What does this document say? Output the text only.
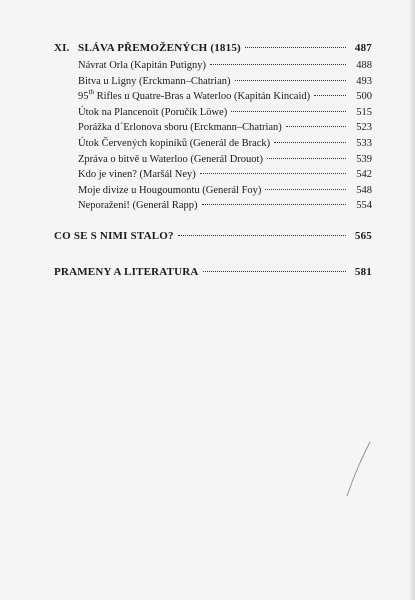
XI. SLÁVA PŘEMOŽENÝCH (1815)	487
Návrat Orla (Kapitán Putigny)	488
Bitva u Ligny (Erckmann–Chatrian)	493
95th Rifles u Quatre-Bras a Waterloo (Kapitán Kincaid)	500
Útok na Plancenoit (Poručík Löwe)	515
Porážka d´Erlonova sboru (Erckmann–Chatrian)	523
Útok Červených kopiníků (Generál de Brack)	533
Zpráva o bitvě u Waterloo (Generál Drouot)	539
Kdo je vinen? (Maršál Ney)	542
Moje divize u Hougoumontu (Generál Foy)	548
Neporaženi! (Generál Rapp)	554
CO SE S NIMI STALO?	565
PRAMENY A LITERATURA	581
